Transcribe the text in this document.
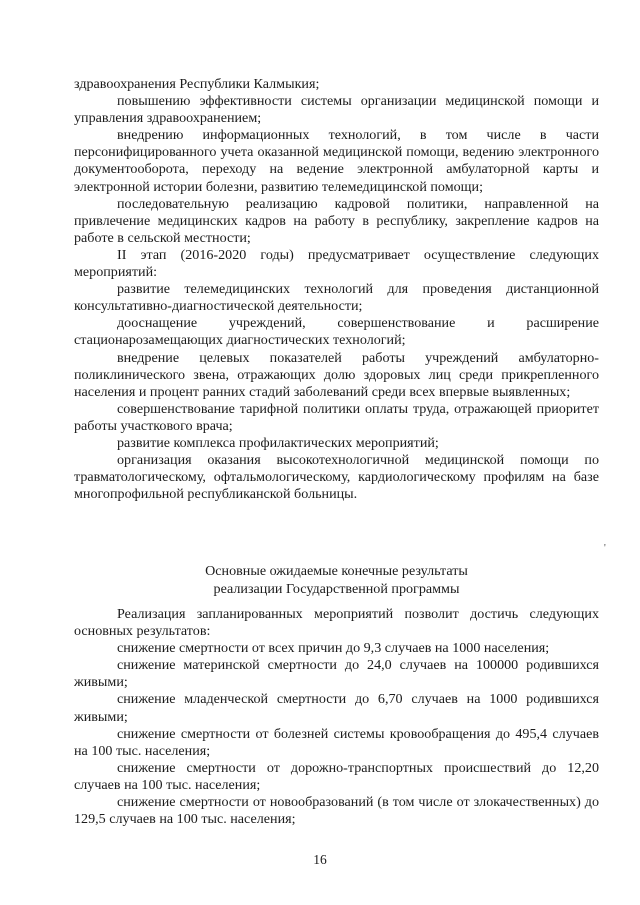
здравоохранения Республики Калмыкия;

повышению эффективности системы организации медицинской помощи и управления здравоохранением;

внедрению информационных технологий, в том числе в части персонифицированного учета оказанной медицинской помощи, ведению электронного документооборота, переходу на ведение электронной амбулаторной карты и электронной истории болезни, развитию телемедицинской помощи;

последовательную реализацию кадровой политики, направленной на привлечение медицинских кадров на работу в республику, закрепление кадров на работе в сельской местности;

II этап (2016-2020 годы) предусматривает осуществление следующих мероприятий:

развитие телемедицинских технологий для проведения дистанционной консультативно-диагностической деятельности;

дооснащение учреждений, совершенствование и расширение стационарозамещающих диагностических технологий;

внедрение целевых показателей работы учреждений амбулаторно-поликлинического звена, отражающих долю здоровых лиц среди прикрепленного населения и процент ранних стадий заболеваний среди всех впервые выявленных;

совершенствование тарифной политики оплаты труда, отражающей приоритет работы участкового врача;

развитие комплекса профилактических мероприятий;

организация оказания высокотехнологичной медицинской помощи по травматологическому, офтальмологическому, кардиологическому профилям на базе многопрофильной республиканской больницы.

'
Основные ожидаемые конечные результаты
реализации Государственной программы

Реализация запланированных мероприятий позволит достичь следующих основных результатов:

снижение смертности от всех причин до 9,3 случаев на 1000 населения;

снижение материнской смертности до 24,0 случаев на 100000 родившихся живыми;

снижение младенческой смертности до 6,70 случаев на 1000 родившихся живыми;

снижение смертности от болезней системы кровообращения до 495,4 случаев на 100 тыс. населения;

снижение смертности от дорожно-транспортных происшествий до 12,20 случаев на 100 тыс. населения;

снижение смертности от новообразований (в том числе от злокачественных) до 129,5 случаев на 100 тыс. населения;

16
